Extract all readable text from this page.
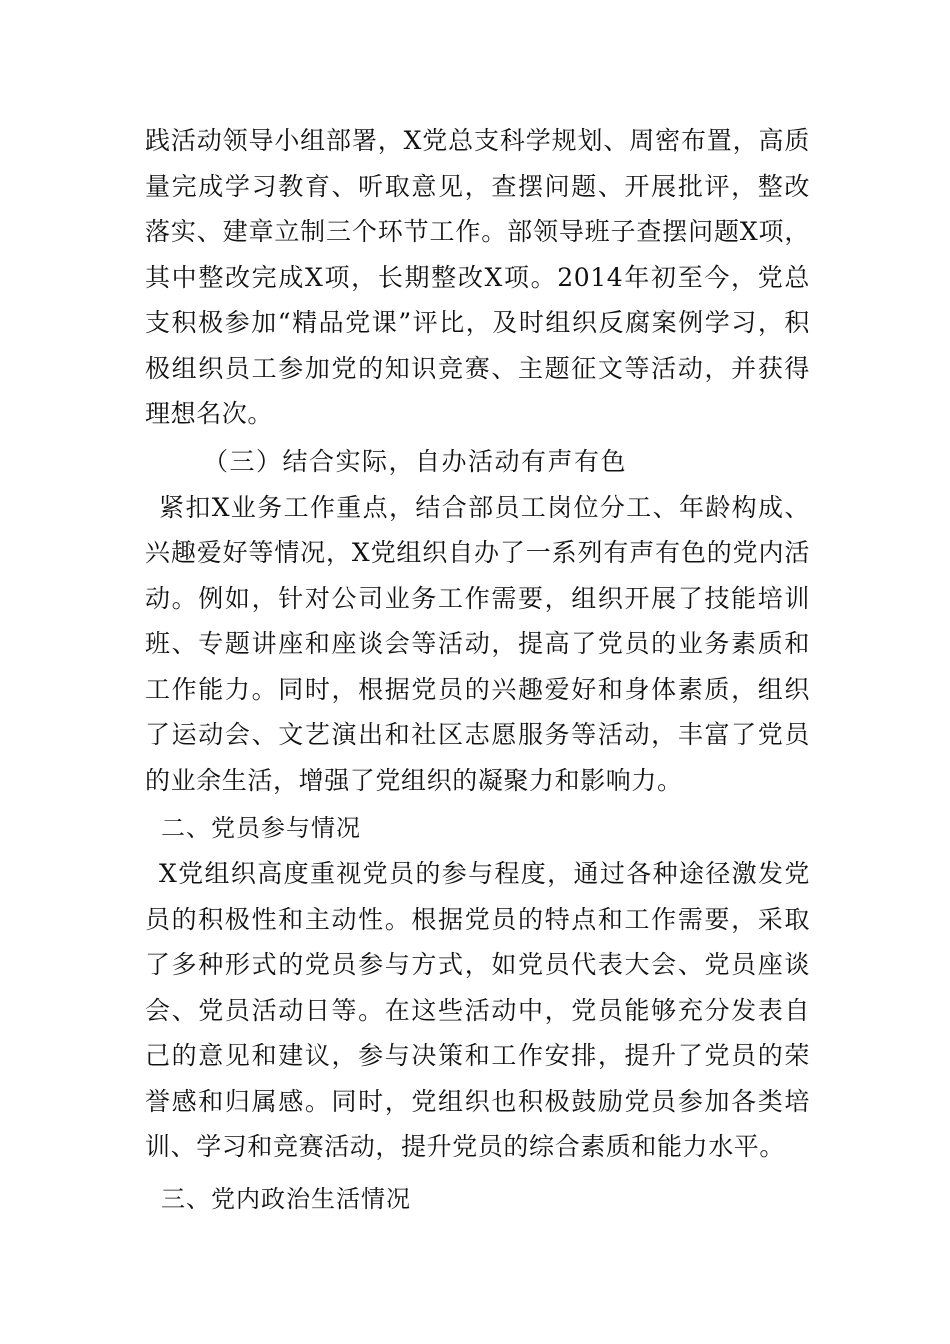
践活动领导小组部署，X党总支科学规划、周密布置，高质量完成学习教育、听取意见，查摆问题、开展批评，整改落实、建章立制三个环节工作。部领导班子查摆问题X项，其中整改完成X项，长期整改X项。2014年初至今，党总支积极参加“精品党课”评比，及时组织反腐案例学习，积极组织员工参加党的知识竞赛、主题征文等活动，并获得理想名次。

（三）结合实际，自办活动有声有色

紧扣X业务工作重点，结合部员工岗位分工、年龄构成、兴趣爱好等情况，X党组织自办了一系列有声有色的党内活动。例如，针对公司业务工作需要，组织开展了技能培训班、专题讲座和座谈会等活动，提高了党员的业务素质和工作能力。同时，根据党员的兴趣爱好和身体素质，组织了运动会、文艺演出和社区志愿服务等活动，丰富了党员的业余生活，增强了党组织的凝聚力和影响力。

二、党员参与情况

X党组织高度重视党员的参与程度，通过各种途径激发党员的积极性和主动性。根据党员的特点和工作需要，采取了多种形式的党员参与方式，如党员代表大会、党员座谈会、党员活动日等。在这些活动中，党员能够充分发表自己的意见和建议，参与决策和工作安排，提升了党员的荣誉感和归属感。同时，党组织也积极鼓励党员参加各类培训、学习和竞赛活动，提升党员的综合素质和能力水平。

三、党内政治生活情况
